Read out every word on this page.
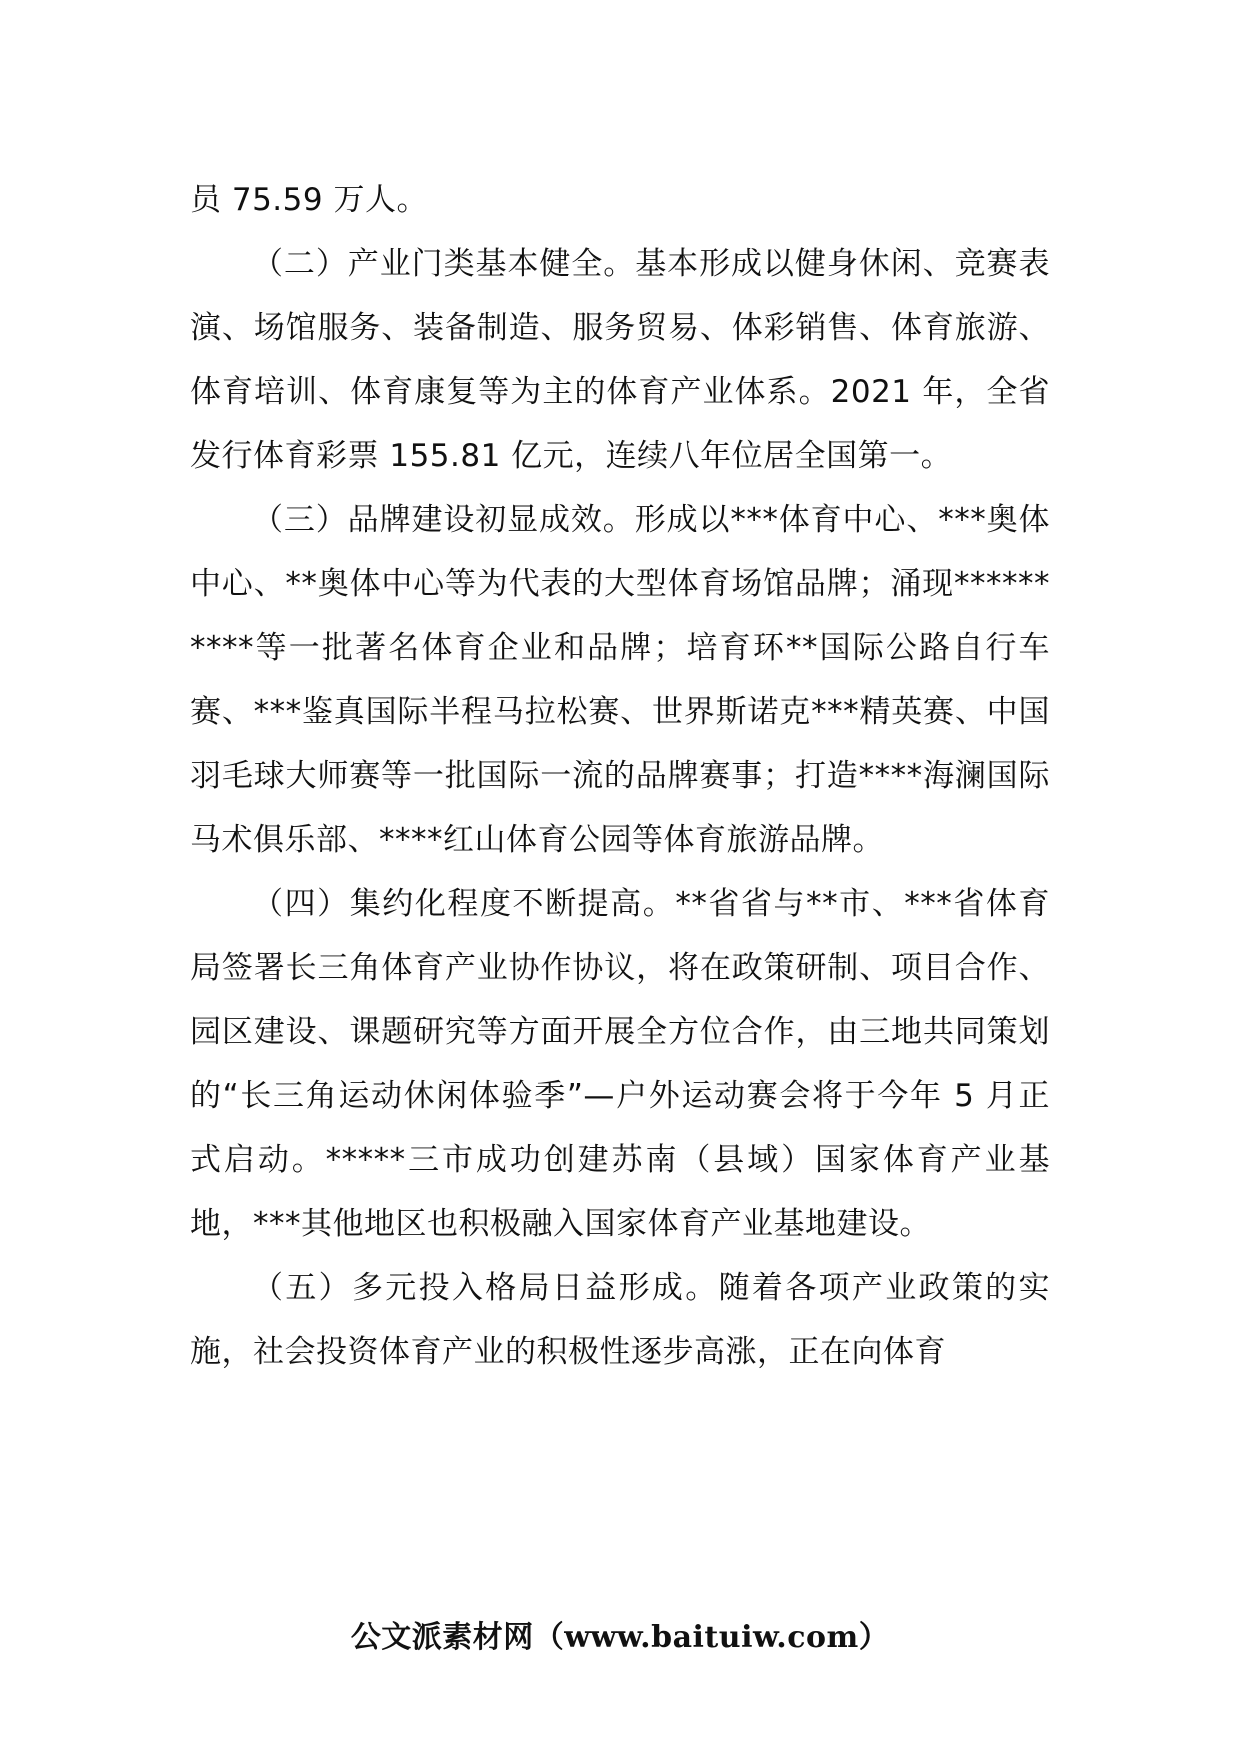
员 75.59 万人。

（二）产业门类基本健全。基本形成以健身休闲、竞赛表演、场馆服务、装备制造、服务贸易、体彩销售、体育旅游、体育培训、体育康复等为主的体育产业体系。2021 年，全省发行体育彩票 155.81 亿元，连续八年位居全国第一。

（三）品牌建设初显成效。形成以***体育中心、***奥体中心、**奥体中心等为代表的大型体育场馆品牌；涌现**********等一批著名体育企业和品牌；培育环**国际公路自行车赛、***鉴真国际半程马拉松赛、世界斯诺克***精英赛、中国羽毛球大师赛等一批国际一流的品牌赛事；打造****海澜国际马术俱乐部、****红山体育公园等体育旅游品牌。

（四）集约化程度不断提高。**省省与**市、***省体育局签署长三角体育产业协作协议，将在政策研制、项目合作、园区建设、课题研究等方面开展全方位合作，由三地共同策划的“长三角运动休闲体验季”—户外运动赛会将于今年 5 月正式启动。*****三市成功创建苏南（县域）国家体育产业基地，***其他地区也积极融入国家体育产业基地建设。

（五）多元投入格局日益形成。随着各项产业政策的实施，社会投资体育产业的积极性逐步高涨，正在向体育

公文派素材网（www.baituiw.com）
